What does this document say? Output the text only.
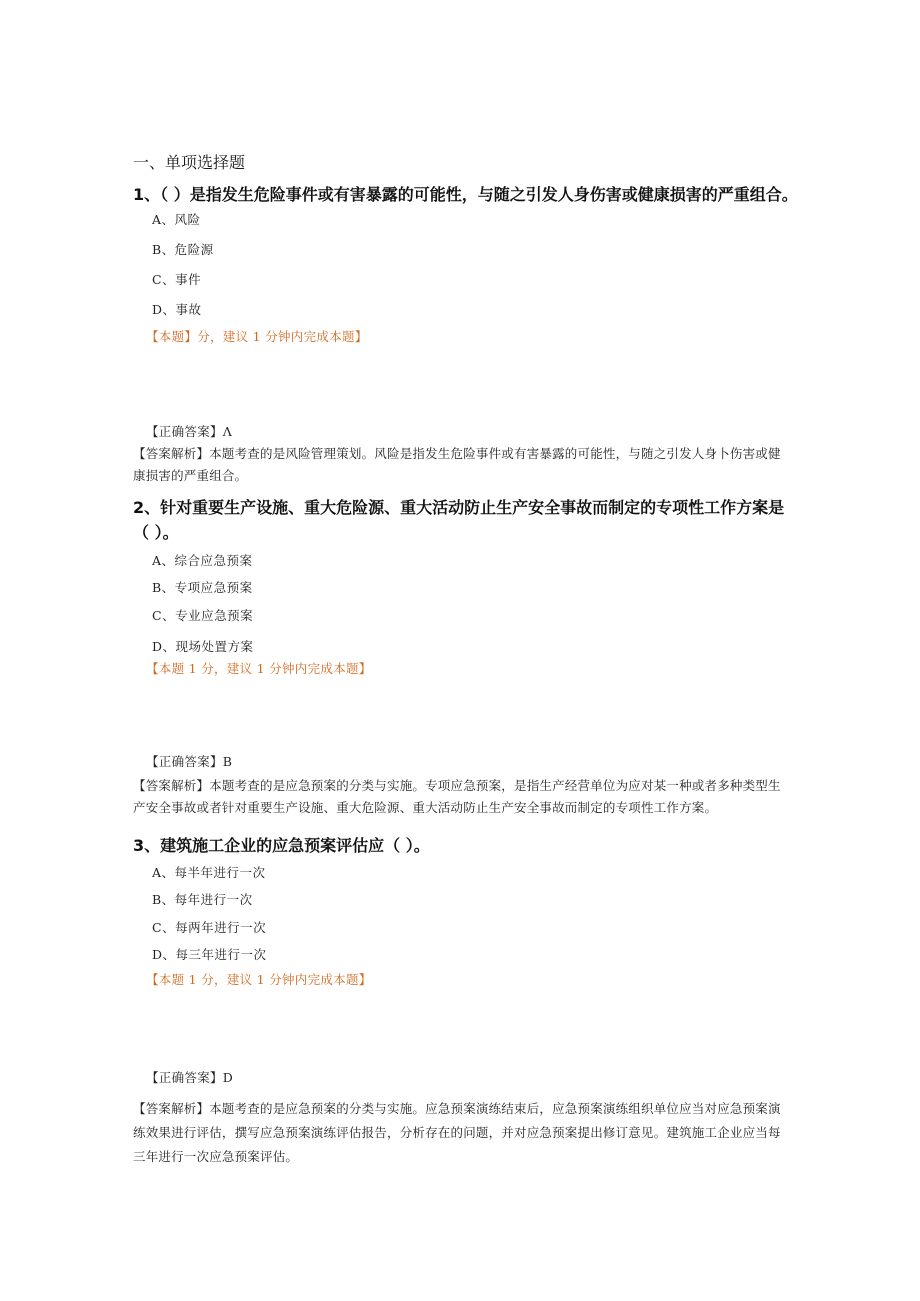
一、单项选择题
1、（ ）是指发生危险事件或有害暴露的可能性，与随之引发人身伤害或健康损害的严重组合。
A、风险
B、危险源
C、事件
D、事故
【本题】分，建议 1 分钟内完成本题】
【正确答案】Λ
【答案解析】本题考查的是风险管理策划。风险是指发生危险事件或有害暴露的可能性，与随之引发人身卜伤害或健康损害的严重组合。
2、针对重要生产设施、重大危险源、重大活动防止生产安全事故而制定的专项性工作方案是
（ ）。
A、综合应急预案
B、专项应急预案
C、专业应急预案
D、现场处置方案
【本题 1 分，建议 1 分钟内完成本题】
【正确答案】B
【答案解析】本题考查的是应急预案的分类与实施。专项应急预案，是指生产经营单位为应对某一种或者多种类型生产安全事故或者针对重要生产设施、重大危险源、重大活动防止生产安全事故而制定的专项性工作方案。
3、建筑施工企业的应急预案评估应（ ）。
A、每半年进行一次
B、每年进行一次
C、每两年进行一次
D、每三年进行一次
【本题 1 分，建议 1 分钟内完成本题】
【正确答案】D
【答案解析】本题考查的是应急预案的分类与实施。应急预案演练结束后，应急预案演练组织单位应当对应急预案演练效果进行评估，撰写应急预案演练评估报告，分析存在的问题，并对应急预案提出修订意见。建筑施工企业应当每三年进行一次应急预案评估。
